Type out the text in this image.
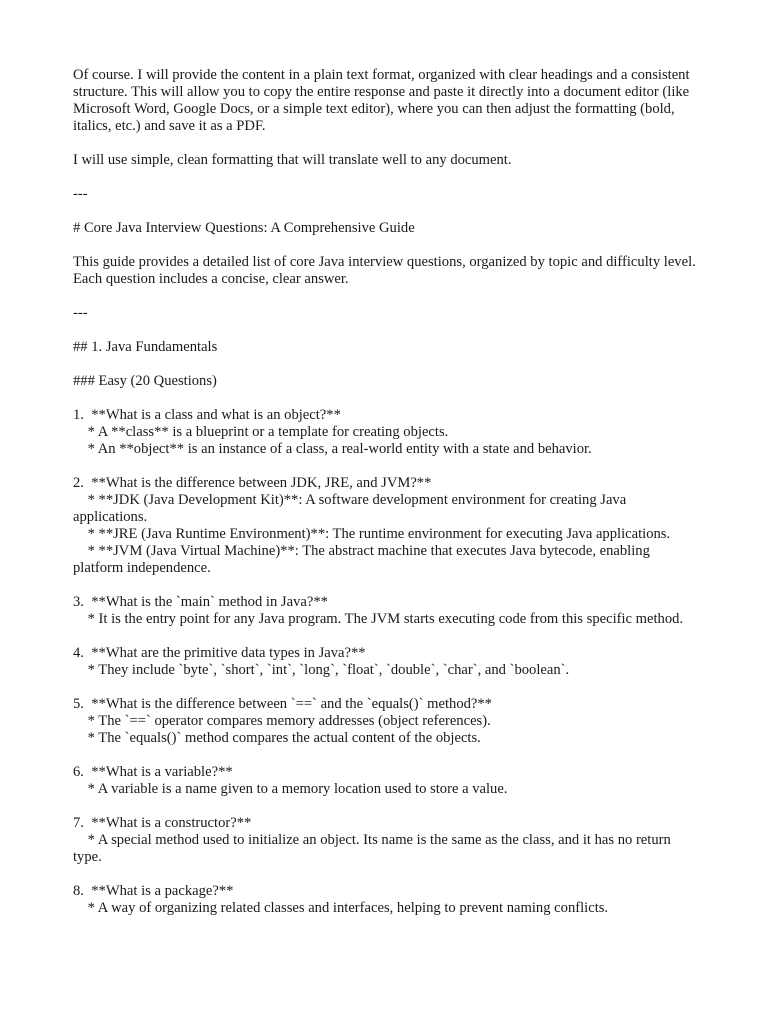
Of course. I will provide the content in a plain text format, organized with clear headings and a consistent structure. This will allow you to copy the entire response and paste it directly into a document editor (like Microsoft Word, Google Docs, or a simple text editor), where you can then adjust the formatting (bold, italics, etc.) and save it as a PDF.

I will use simple, clean formatting that will translate well to any document.

---

# Core Java Interview Questions: A Comprehensive Guide

This guide provides a detailed list of core Java interview questions, organized by topic and difficulty level. Each question includes a concise, clear answer.

---

## 1. Java Fundamentals

### Easy (20 Questions)

1.  **What is a class and what is an object?**

* A **class** is a blueprint or a template for creating objects.

* An **object** is an instance of a class, a real-world entity with a state and behavior.

2.  **What is the difference between JDK, JRE, and JVM?**

* **JDK (Java Development Kit)**: A software development environment for creating Java applications.

* **JRE (Java Runtime Environment)**: The runtime environment for executing Java applications.

* **JVM (Java Virtual Machine)**: The abstract machine that executes Java bytecode, enabling platform independence.

3.  **What is the `main` method in Java?**

* It is the entry point for any Java program. The JVM starts executing code from this specific method.

4.  **What are the primitive data types in Java?**

* They include `byte`, `short`, `int`, `long`, `float`, `double`, `char`, and `boolean`.

5.  **What is the difference between `==` and the `equals()` method?**

* The `==` operator compares memory addresses (object references).

* The `equals()` method compares the actual content of the objects.

6.  **What is a variable?**

* A variable is a name given to a memory location used to store a value.

7.  **What is a constructor?**

* A special method used to initialize an object. Its name is the same as the class, and it has no return type.

8.  **What is a package?**

* A way of organizing related classes and interfaces, helping to prevent naming conflicts.
